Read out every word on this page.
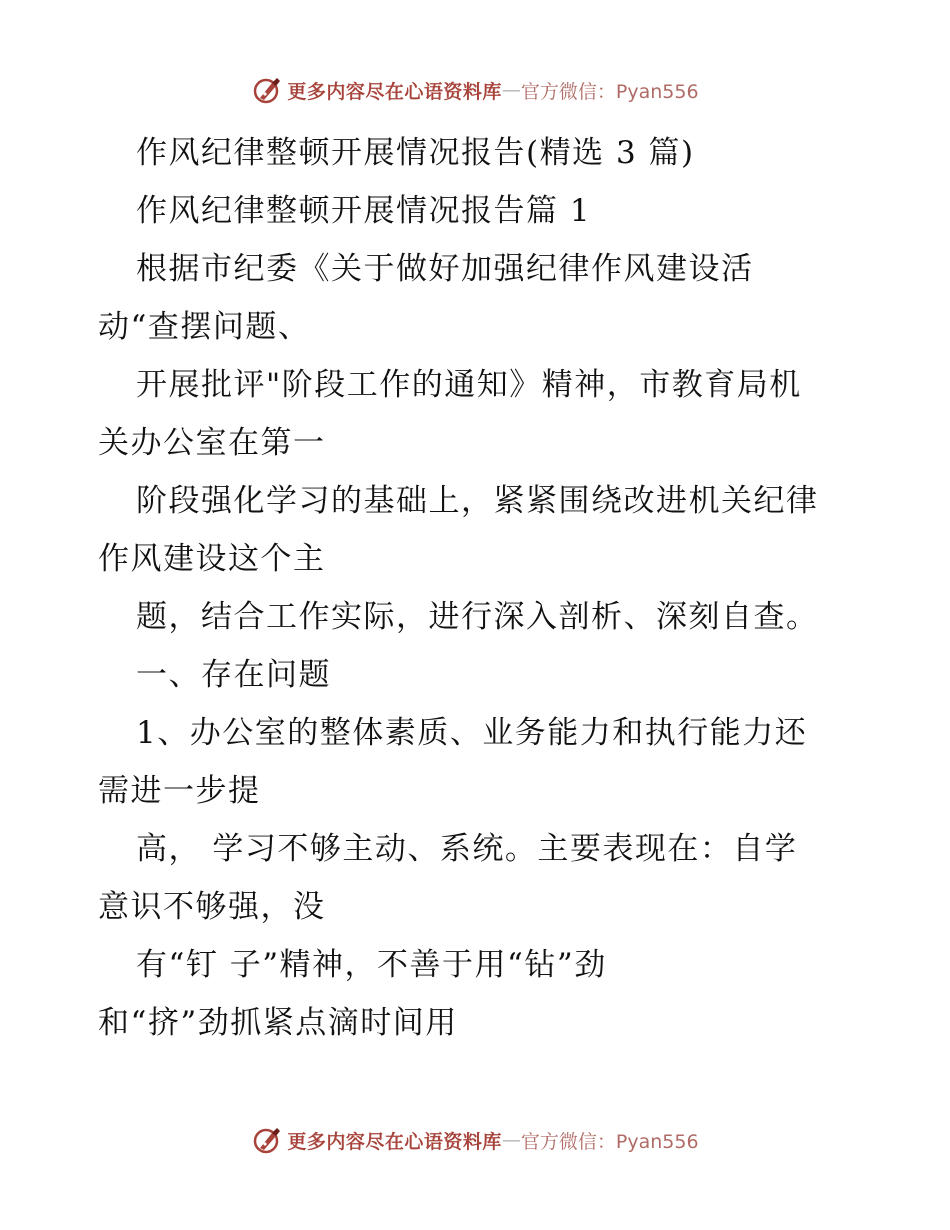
更多内容尽在心语资料库 — 官方微信：Pyan556
作风纪律整顿开展情况报告(精选 3 篇)
作风纪律整顿开展情况报告篇 1
根据市纪委《关于做好加强纪律作风建设活
动“查摆问题、
开展批评"阶段工作的通知》精神，市教育局机
关办公室在第一
阶段强化学习的基础上，紧紧围绕改进机关纪律
作风建设这个主
题，结合工作实际，进行深入剖析、深刻自查。
一、存在问题
1、办公室的整体素质、业务能力和执行能力还
需进一步提
高， 学习不够主动、系统。主要表现在：自学
意识不够强，没
有“钉 子”精神，不善于用“钻”劲
和“挤”劲抓紧点滴时间用
更多内容尽在心语资料库 — 官方微信：Pyan556
